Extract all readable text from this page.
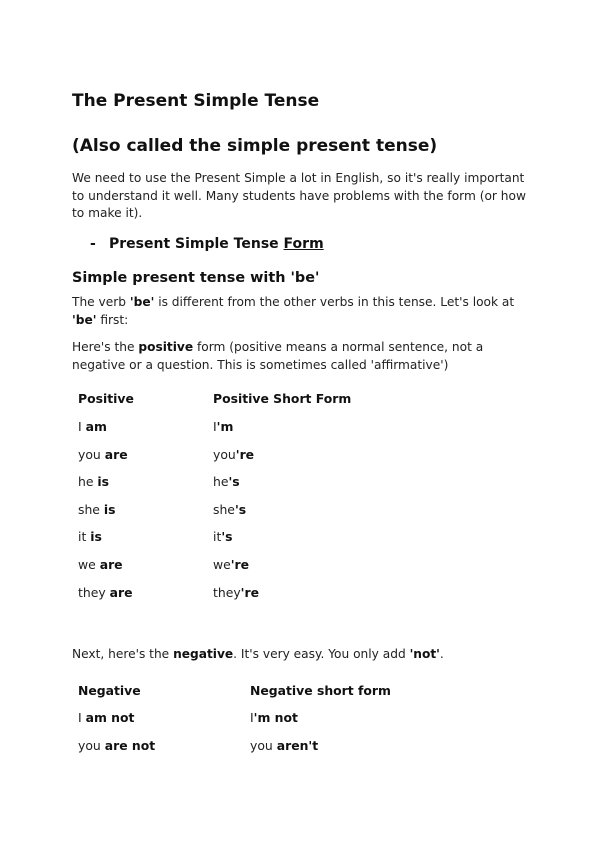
The Present Simple Tense
(Also called the simple present tense)
We need to use the Present Simple a lot in English, so it's really important to understand it well. Many students have problems with the form (or how to make it).
- Present Simple Tense Form
Simple present tense with 'be'
The verb 'be' is different from the other verbs in this tense. Let's look at 'be' first:
Here's the positive form (positive means a normal sentence, not a negative or a question. This is sometimes called 'affirmative')
Positive	Positive Short Form
I am	I'm
you are	you're
he is	he's
she is	she's
it is	it's
we are	we're
they are	they're
Next, here's the negative. It's very easy. You only add 'not'.
Negative	Negative short form
I am not	I'm not
you are not	you aren't
